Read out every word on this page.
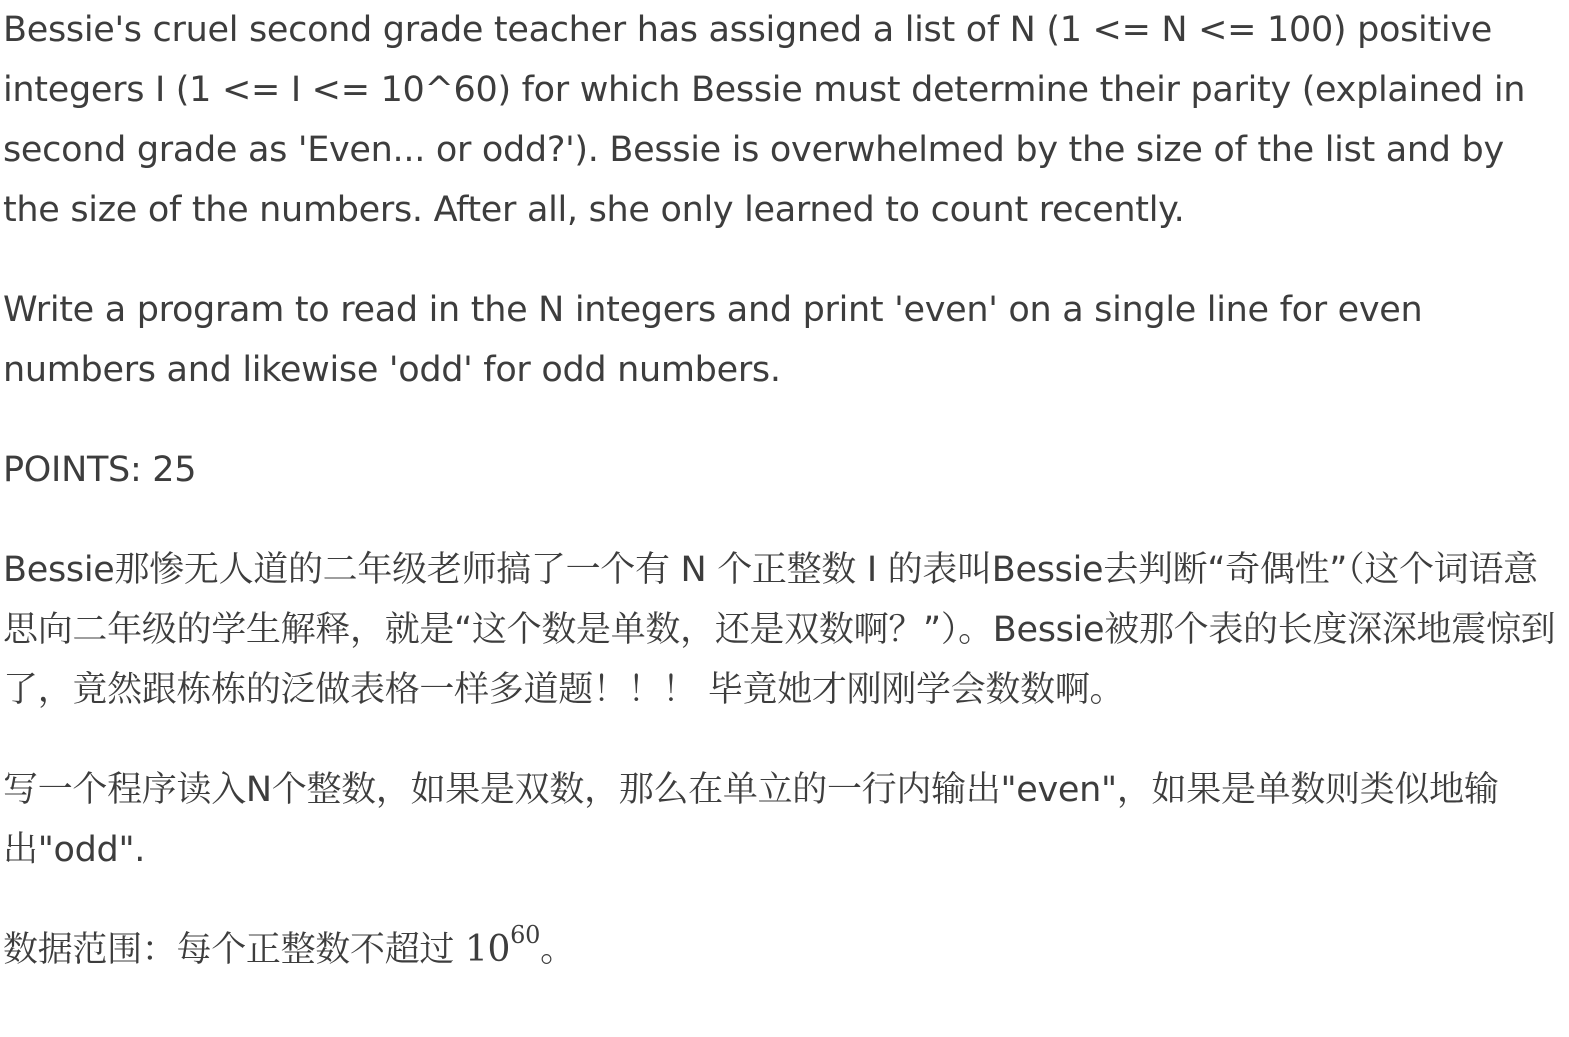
Bessie's cruel second grade teacher has assigned a list of N (1 <= N <= 100) positive integers I (1 <= I <= 10^60) for which Bessie must determine their parity (explained in second grade as 'Even... or odd?'). Bessie is overwhelmed by the size of the list and by the size of the numbers. After all, she only learned to count recently.

Write a program to read in the N integers and print 'even' on a single line for even numbers and likewise 'odd' for odd numbers.

POINTS: 25

Bessie那惨无人道的二年级老师搞了一个有 N 个正整数 I 的表叫Bessie去判断“奇偶性”（这个词语意思向二年级的学生解释，就是“这个数是单数，还是双数啊？”）。Bessie被那个表的长度深深地震惊到了，竟然跟栋栋的泛做表格一样多道题！！！ 毕竟她才刚刚学会数数啊。

写一个程序读入N个整数，如果是双数，那么在单立的一行内输出"even"，如果是单数则类似地输出"odd".

数据范围：每个正整数不超过 $10^{60}$。
